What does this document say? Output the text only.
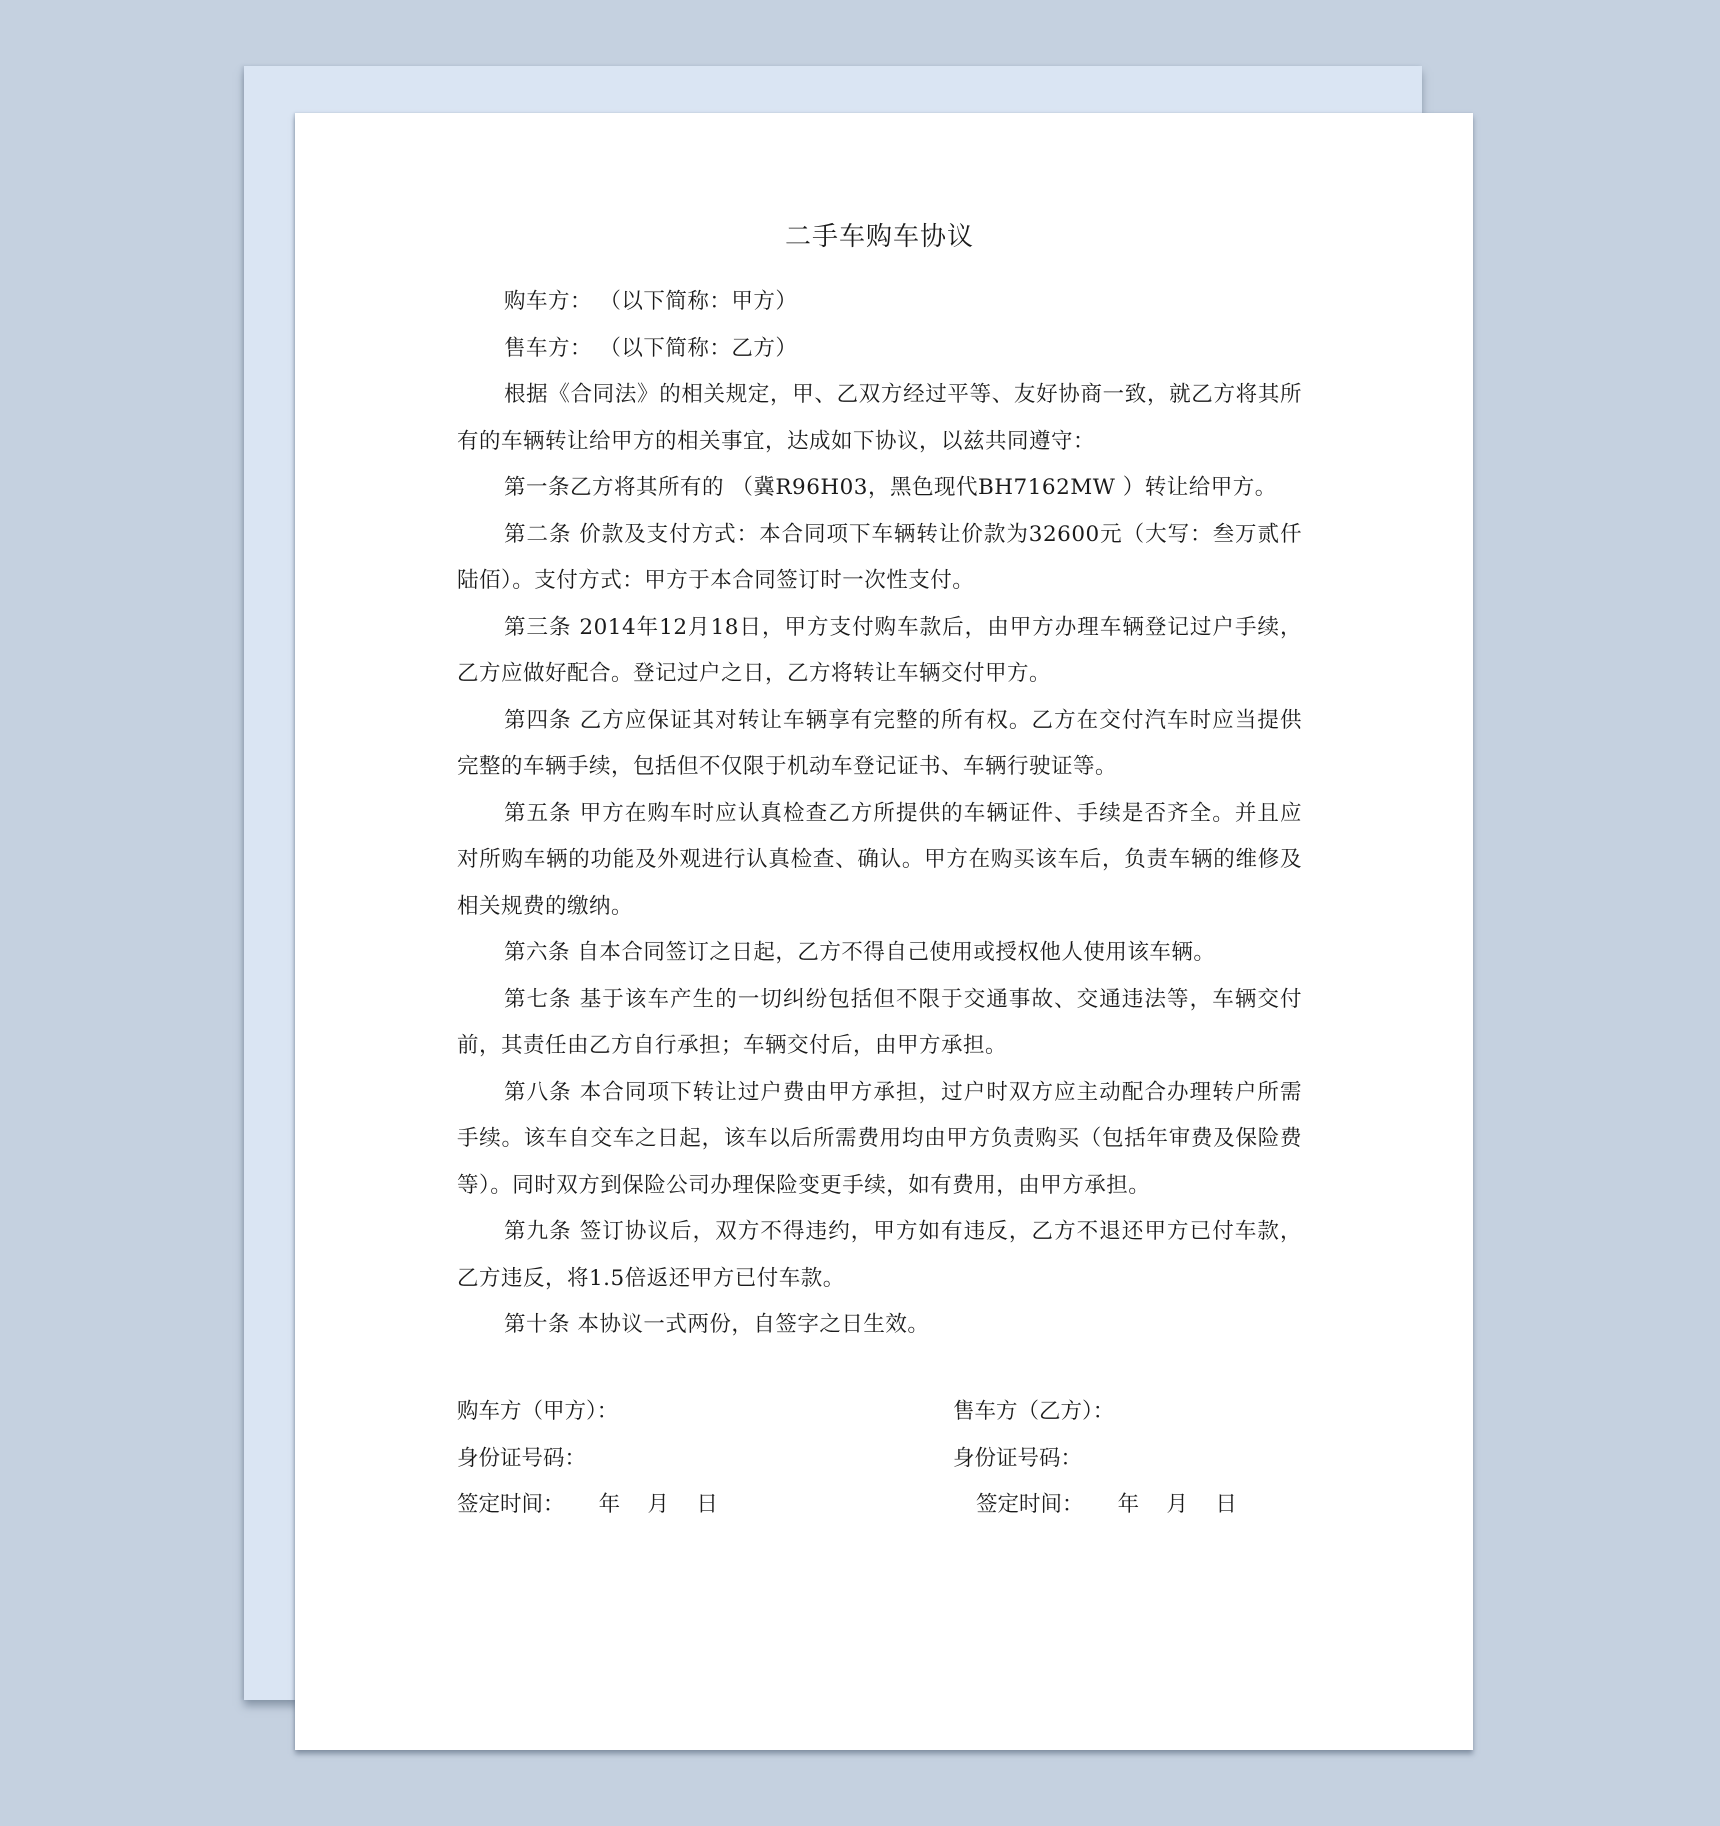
二手车购车协议

购车方： （以下简称：甲方）

售车方： （以下简称：乙方）

根据《合同法》的相关规定，甲、乙双方经过平等、友好协商一致，就乙方将其所有的车辆转让给甲方的相关事宜，达成如下协议，以兹共同遵守：

第一条乙方将其所有的 （冀R96H03，黑色现代BH7162MW ）转让给甲方。

第二条 价款及支付方式：本合同项下车辆转让价款为32600元（大写：叁万贰仟陆佰）。支付方式：甲方于本合同签订时一次性支付。

第三条 2014年12月18日，甲方支付购车款后，由甲方办理车辆登记过户手续，乙方应做好配合。登记过户之日，乙方将转让车辆交付甲方。

第四条 乙方应保证其对转让车辆享有完整的所有权。乙方在交付汽车时应当提供完整的车辆手续，包括但不仅限于机动车登记证书、车辆行驶证等。

第五条 甲方在购车时应认真检查乙方所提供的车辆证件、手续是否齐全。并且应对所购车辆的功能及外观进行认真检查、确认。甲方在购买该车后，负责车辆的维修及相关规费的缴纳。

第六条 自本合同签订之日起，乙方不得自己使用或授权他人使用该车辆。

第七条 基于该车产生的一切纠纷包括但不限于交通事故、交通违法等，车辆交付前，其责任由乙方自行承担；车辆交付后，由甲方承担。

第八条 本合同项下转让过户费由甲方承担，过户时双方应主动配合办理转户所需手续。该车自交车之日起，该车以后所需费用均由甲方负责购买（包括年审费及保险费等）。同时双方到保险公司办理保险变更手续，如有费用，由甲方承担。

第九条 签订协议后，双方不得违约，甲方如有违反，乙方不退还甲方已付车款，乙方违反，将1.5倍返还甲方已付车款。

第十条 本协议一式两份，自签字之日生效。

购车方（甲方）：	售车方（乙方）：
身份证号码：	身份证号码：
签定时间：     年    月    日	签定时间：     年    月    日
